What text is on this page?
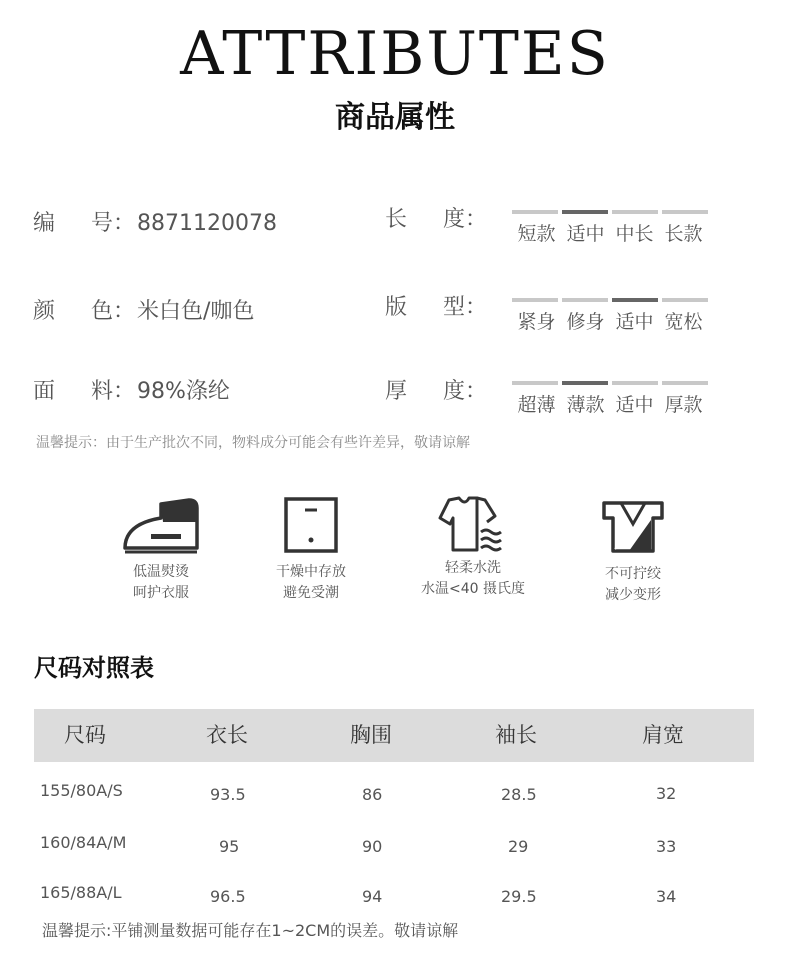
ATTRIBUTES
商品属性
编　号：8871120078
颜　色：米白色/咖色
面　料：98%涤纶
长　度：
短款 适中 中长 长款
版　型：
紧身 修身 适中 宽松
厚　度：
超薄 薄款 适中 厚款
温馨提示：由于生产批次不同，物料成分可能会有些许差异，敬请谅解
低温熨烫
呵护衣服
干燥中存放
避免受潮
轻柔水洗
水温<40 摄氏度
不可拧绞
减少变形
尺码对照表
尺码	衣长	胸围	袖长	肩宽
155/80A/S	93.5	86	28.5	32
160/84A/M	95	90	29	33
165/88A/L	96.5	94	29.5	34
温馨提示:平铺测量数据可能存在1~2CM的误差。敬请谅解
